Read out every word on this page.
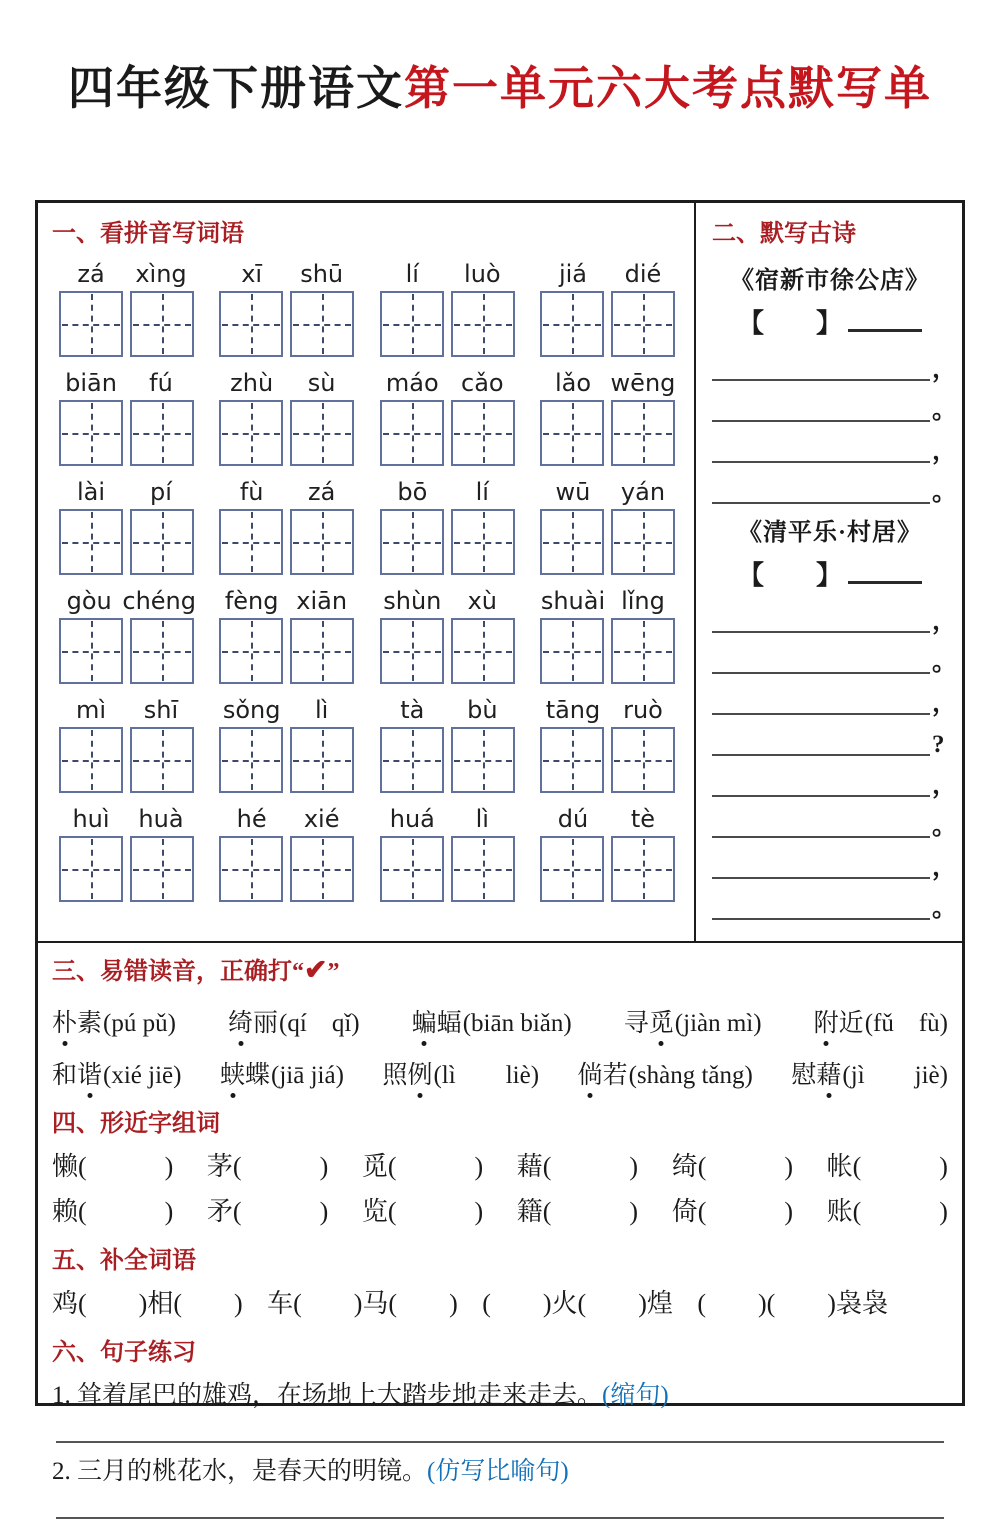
四年级下册语文第一单元六大考点默写单
一、看拼音写词语
zá	xìng	xī	shū	lí	luò	jiá	dié
biān	fú	zhù	sù	máo cǎo	lǎo wēng
lài	pí	fù	zá	bō	lí	wū	yán
gòu chéng	fèng xiān	shùn	xù	shuài lǐng
mì	shī	sǒng	lì	tà	bù	tāng ruò
huì	huà	hé	xié	huá	lì	dú	tè
二、默写古诗
《宿新市徐公店》
【　　】
，
。
，
。
《清平乐·村居》
【　　】
，
。
，
?
，
。
，
。
三、易错读音，正确打“✔”
朴素(pú pǔ) 绮丽(qí　qǐ) 蝙蝠(biān biǎn) 寻觅(jiàn mì) 附近(fǔ　fù)
和谐(xié jiē) 蛱蝶(jiā jiá) 照例(lì　　liè) 倘若(shàng tǎng) 慰藉(jì　　jiè)
四、形近字组词
懒(　　　) 茅(　　　) 觅(　　　) 藉(　　　) 绮(　　　) 帐(　　　)
赖(　　　) 矛(　　　) 览(　　　) 籍(　　　) 倚(　　　) 账(　　　)
五、补全词语
鸡(　　)相(　　) 车(　　)马(　　) (　　)火(　　)煌 (　　)(　　)袅袅
六、句子练习
1. 耸着尾巴的雄鸡，在场地上大踏步地走来走去。(缩句)
2. 三月的桃花水，是春天的明镜。(仿写比喻句)
